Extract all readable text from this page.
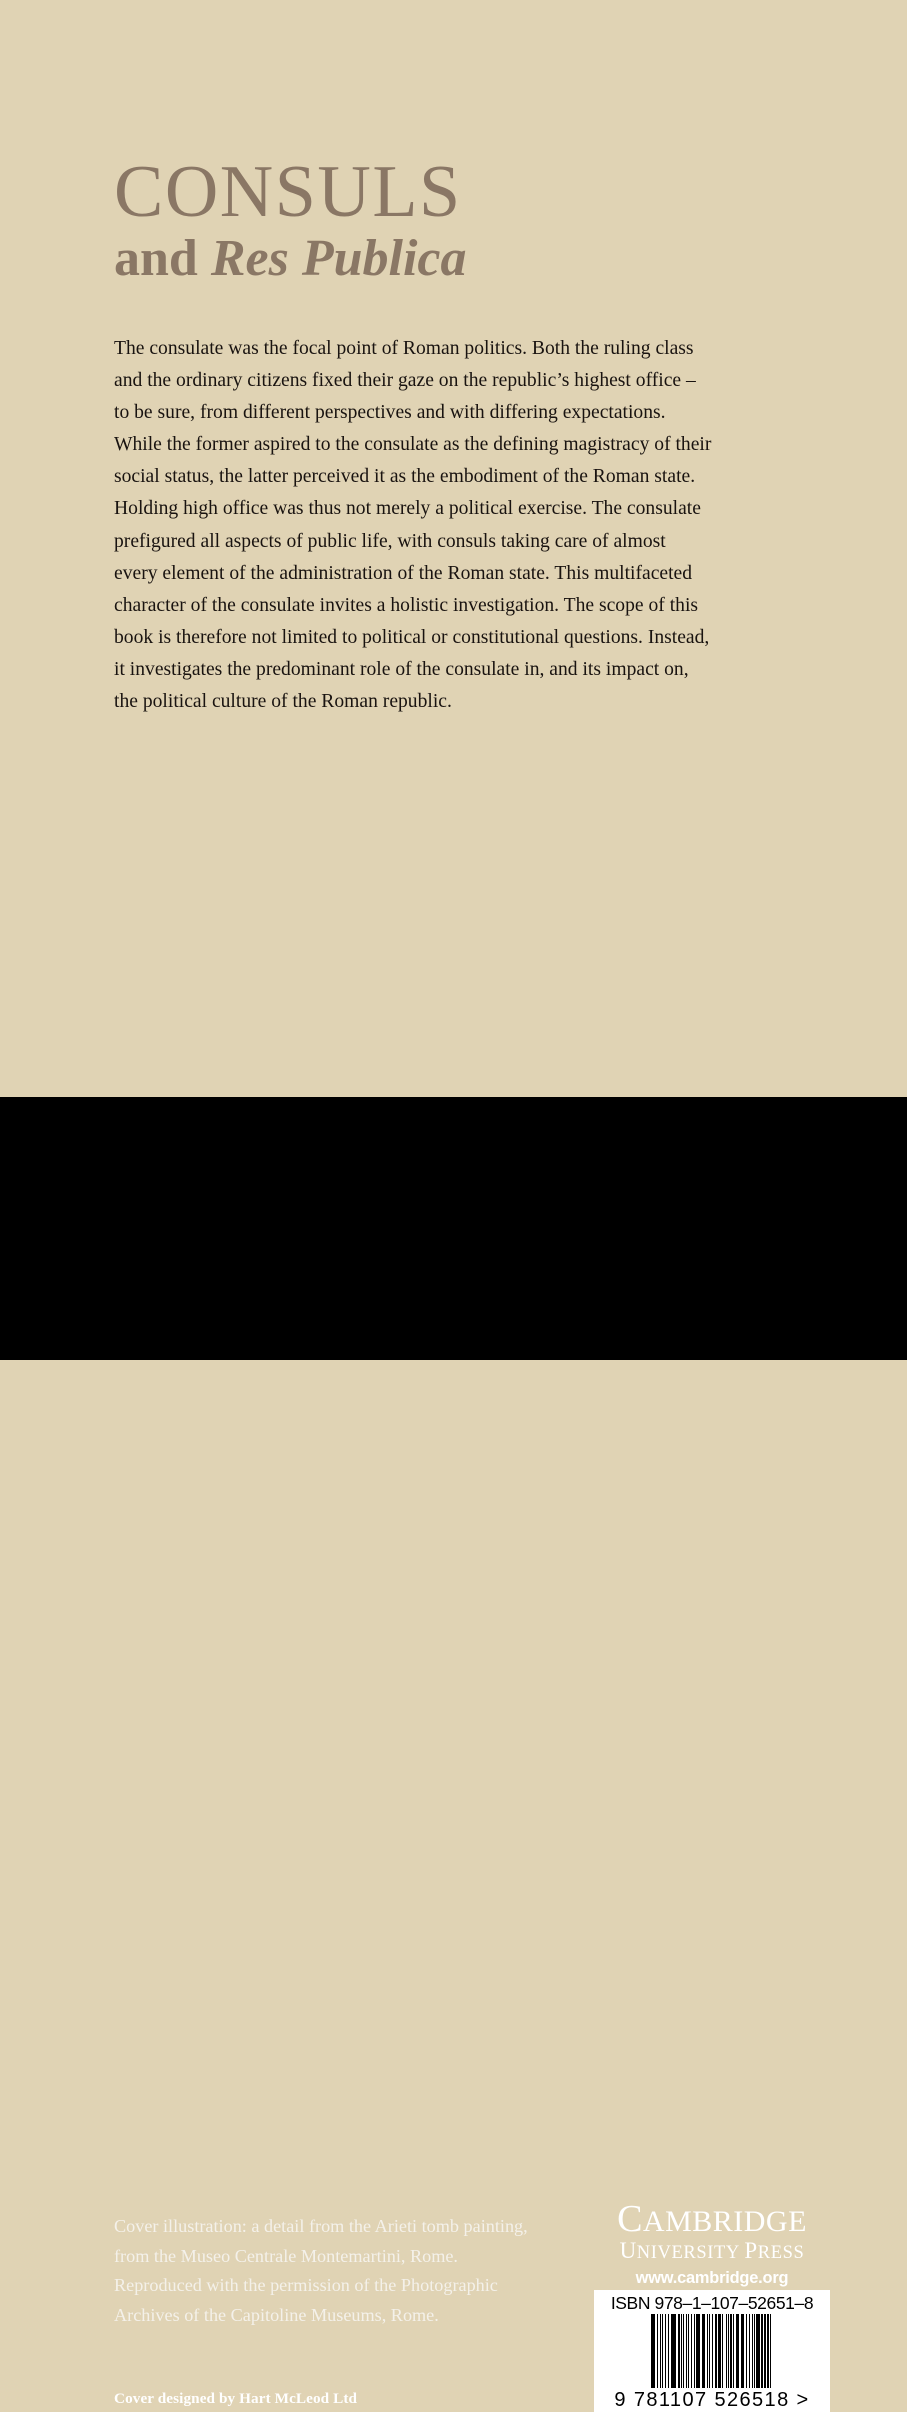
CONSULS
and Res Publica

The consulate was the focal point of Roman politics. Both the ruling class and the ordinary citizens fixed their gaze on the republic’s highest office – to be sure, from different perspectives and with differing expectations. While the former aspired to the consulate as the defining magistracy of their social status, the latter perceived it as the embodiment of the Roman state. Holding high office was thus not merely a political exercise. The consulate prefigured all aspects of public life, with consuls taking care of almost every element of the administration of the Roman state. This multifaceted character of the consulate invites a holistic investigation. The scope of this book is therefore not limited to political or constitutional questions. Instead, it investigates the predominant role of the consulate in, and its impact on, the political culture of the Roman republic.

Cover illustration: a detail from the Arieti tomb painting, from the Museo Centrale Montemartini, Rome. Reproduced with the permission of the Photographic Archives of the Capitoline Museums, Rome.

Cover designed by Hart McLeod Ltd
CAMBRIDGE
UNIVERSITY PRESS
www.cambridge.org
ISBN 978–1–107–52651–8
9 781107 526518 >
